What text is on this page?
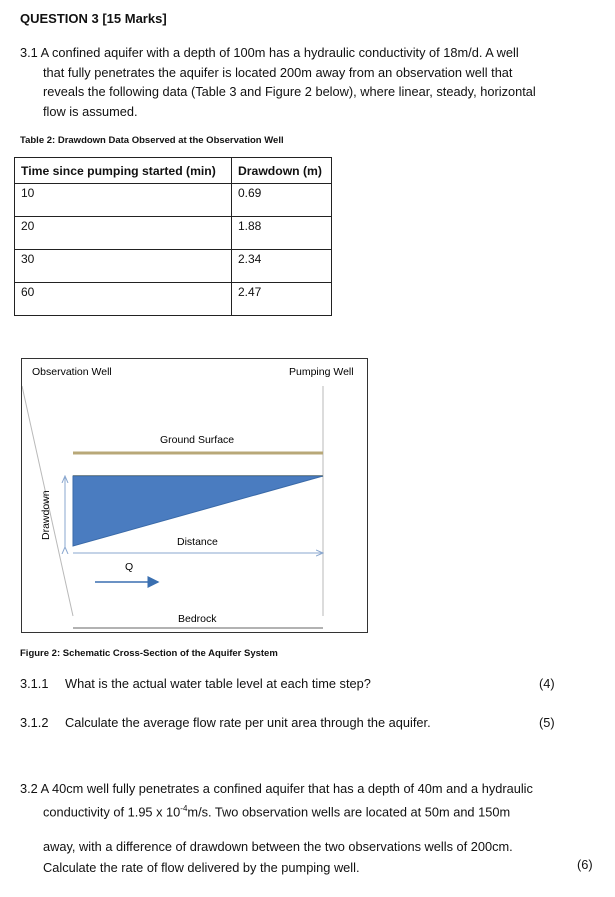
QUESTION 3 [15 Marks]
3.1 A confined aquifer with a depth of 100m has a hydraulic conductivity of 18m/d. A well
that fully penetrates the aquifer is located 200m away from an observation well that
reveals the following data (Table 3 and Figure 2 below), where linear, steady, horizontal
flow is assumed.
Table 2: Drawdown Data Observed at the Observation Well
Time since pumping started (min)	Drawdown (m)
10	0.69
20	1.88
30	2.34
60	2.47
Observation Well	Pumping Well
Ground Surface
Drawdown
Distance
Q
Bedrock
Figure 2: Schematic Cross-Section of the Aquifer System
3.1.1 What is the actual water table level at each time step?	(4)
3.1.2 Calculate the average flow rate per unit area through the aquifer.	(5)
3.2 A 40cm well fully penetrates a confined aquifer that has a depth of 40m and a hydraulic
conductivity of 1.95 x $10^{-4}m/s$. Two observation wells are located at 50m and 150m
away, with a difference of drawdown between the two observations wells of 200cm.
Calculate the rate of flow delivered by the pumping well.	(6)
